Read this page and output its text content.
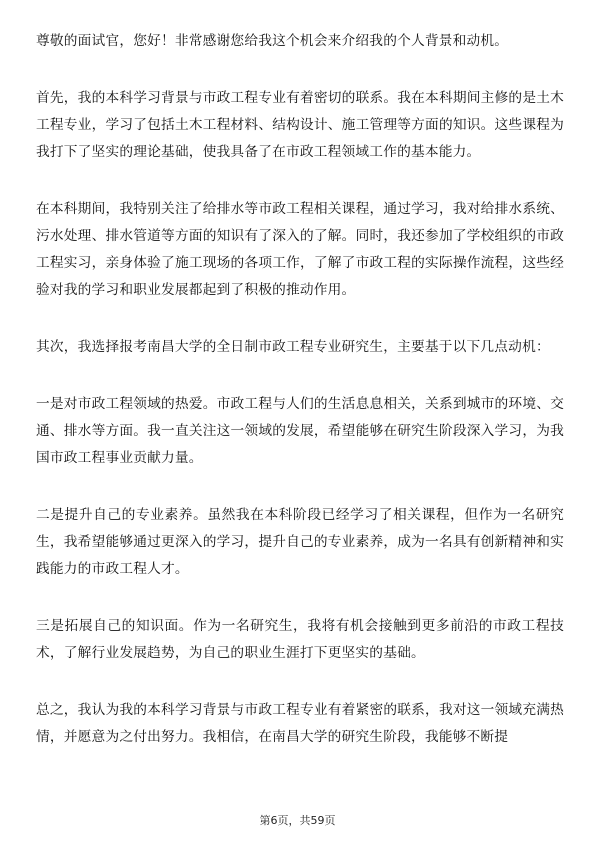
尊敬的面试官，您好！非常感谢您给我这个机会来介绍我的个人背景和动机。

首先，我的本科学习背景与市政工程专业有着密切的联系。我在本科期间主修的是土木工程专业，学习了包括土木工程材料、结构设计、施工管理等方面的知识。这些课程为我打下了坚实的理论基础，使我具备了在市政工程领域工作的基本能力。

在本科期间，我特别关注了给排水等市政工程相关课程，通过学习，我对给排水系统、污水处理、排水管道等方面的知识有了深入的了解。同时，我还参加了学校组织的市政工程实习，亲身体验了施工现场的各项工作，了解了市政工程的实际操作流程，这些经验对我的学习和职业发展都起到了积极的推动作用。

其次，我选择报考南昌大学的全日制市政工程专业研究生，主要基于以下几点动机：

一是对市政工程领域的热爱。市政工程与人们的生活息息相关，关系到城市的环境、交通、排水等方面。我一直关注这一领域的发展，希望能够在研究生阶段深入学习，为我国市政工程事业贡献力量。

二是提升自己的专业素养。虽然我在本科阶段已经学习了相关课程，但作为一名研究生，我希望能够通过更深入的学习，提升自己的专业素养，成为一名具有创新精神和实践能力的市政工程人才。

三是拓展自己的知识面。作为一名研究生，我将有机会接触到更多前沿的市政工程技术，了解行业发展趋势，为自己的职业生涯打下更坚实的基础。

总之，我认为我的本科学习背景与市政工程专业有着紧密的联系，我对这一领域充满热情，并愿意为之付出努力。我相信，在南昌大学的研究生阶段，我能够不断提

第6页，共59页
